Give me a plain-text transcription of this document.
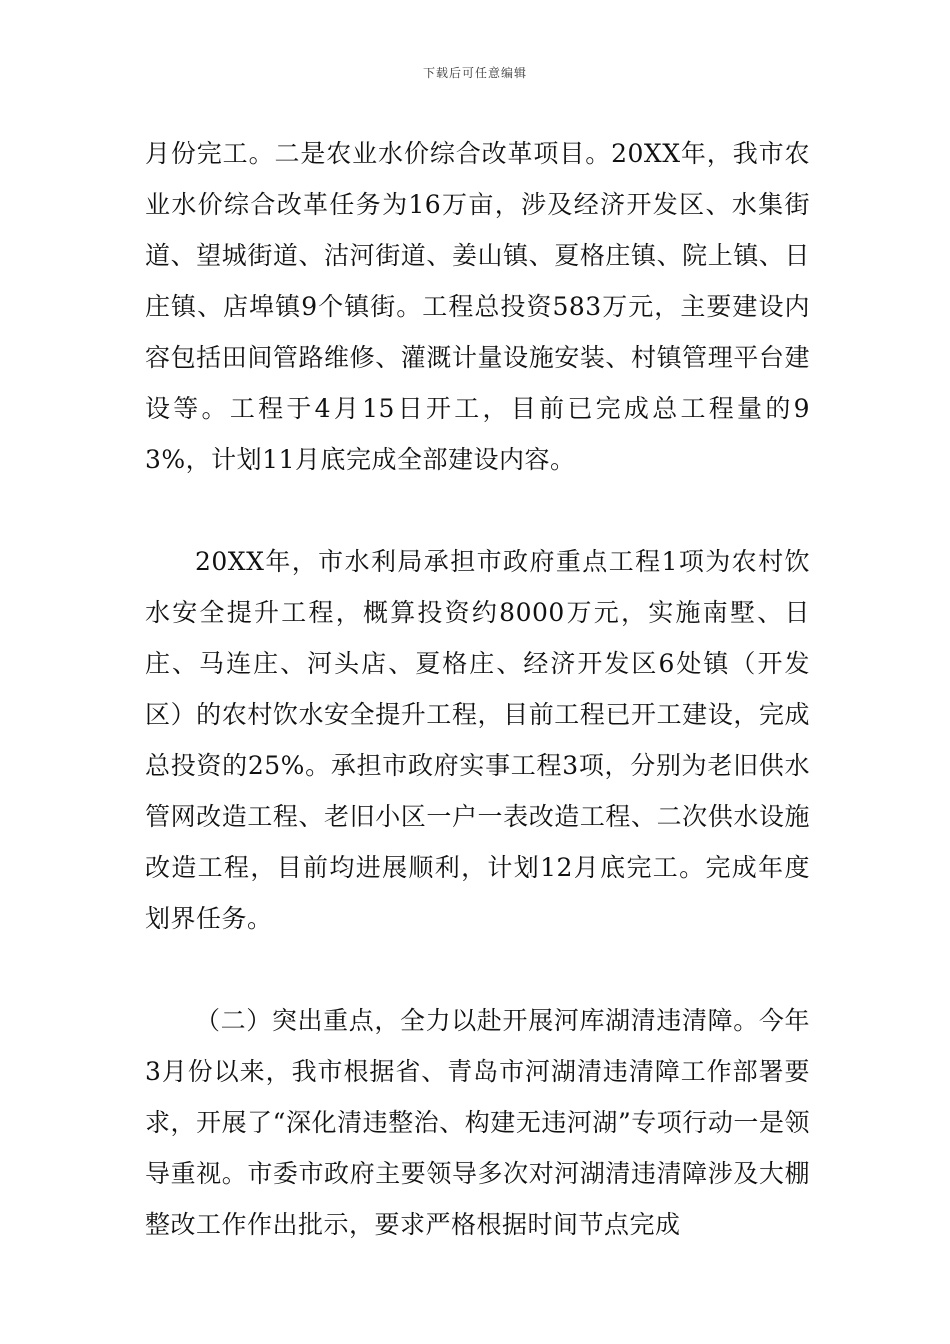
下载后可任意编辑

月份完工。二是农业水价综合改革项目。20XX年，我市农业水价综合改革任务为16万亩，涉及经济开发区、水集街道、望城街道、沽河街道、姜山镇、夏格庄镇、院上镇、日庄镇、店埠镇9个镇街。工程总投资583万元，主要建设内容包括田间管路维修、灌溉计量设施安装、村镇管理平台建设等。工程于4月15日开工，目前已完成总工程量的93%，计划11月底完成全部建设内容。

20XX年，市水利局承担市政府重点工程1项为农村饮水安全提升工程，概算投资约8000万元，实施南墅、日庄、马连庄、河头店、夏格庄、经济开发区6处镇（开发区）的农村饮水安全提升工程，目前工程已开工建设，完成总投资的25%。承担市政府实事工程3项，分别为老旧供水管网改造工程、老旧小区一户一表改造工程、二次供水设施改造工程，目前均进展顺利，计划12月底完工。完成年度划界任务。

（二）突出重点，全力以赴开展河库湖清违清障。今年3月份以来，我市根据省、青岛市河湖清违清障工作部署要求，开展了“深化清违整治、构建无违河湖”专项行动一是领导重视。市委市政府主要领导多次对河湖清违清障涉及大棚整改工作作出批示，要求严格根据时间节点完成
